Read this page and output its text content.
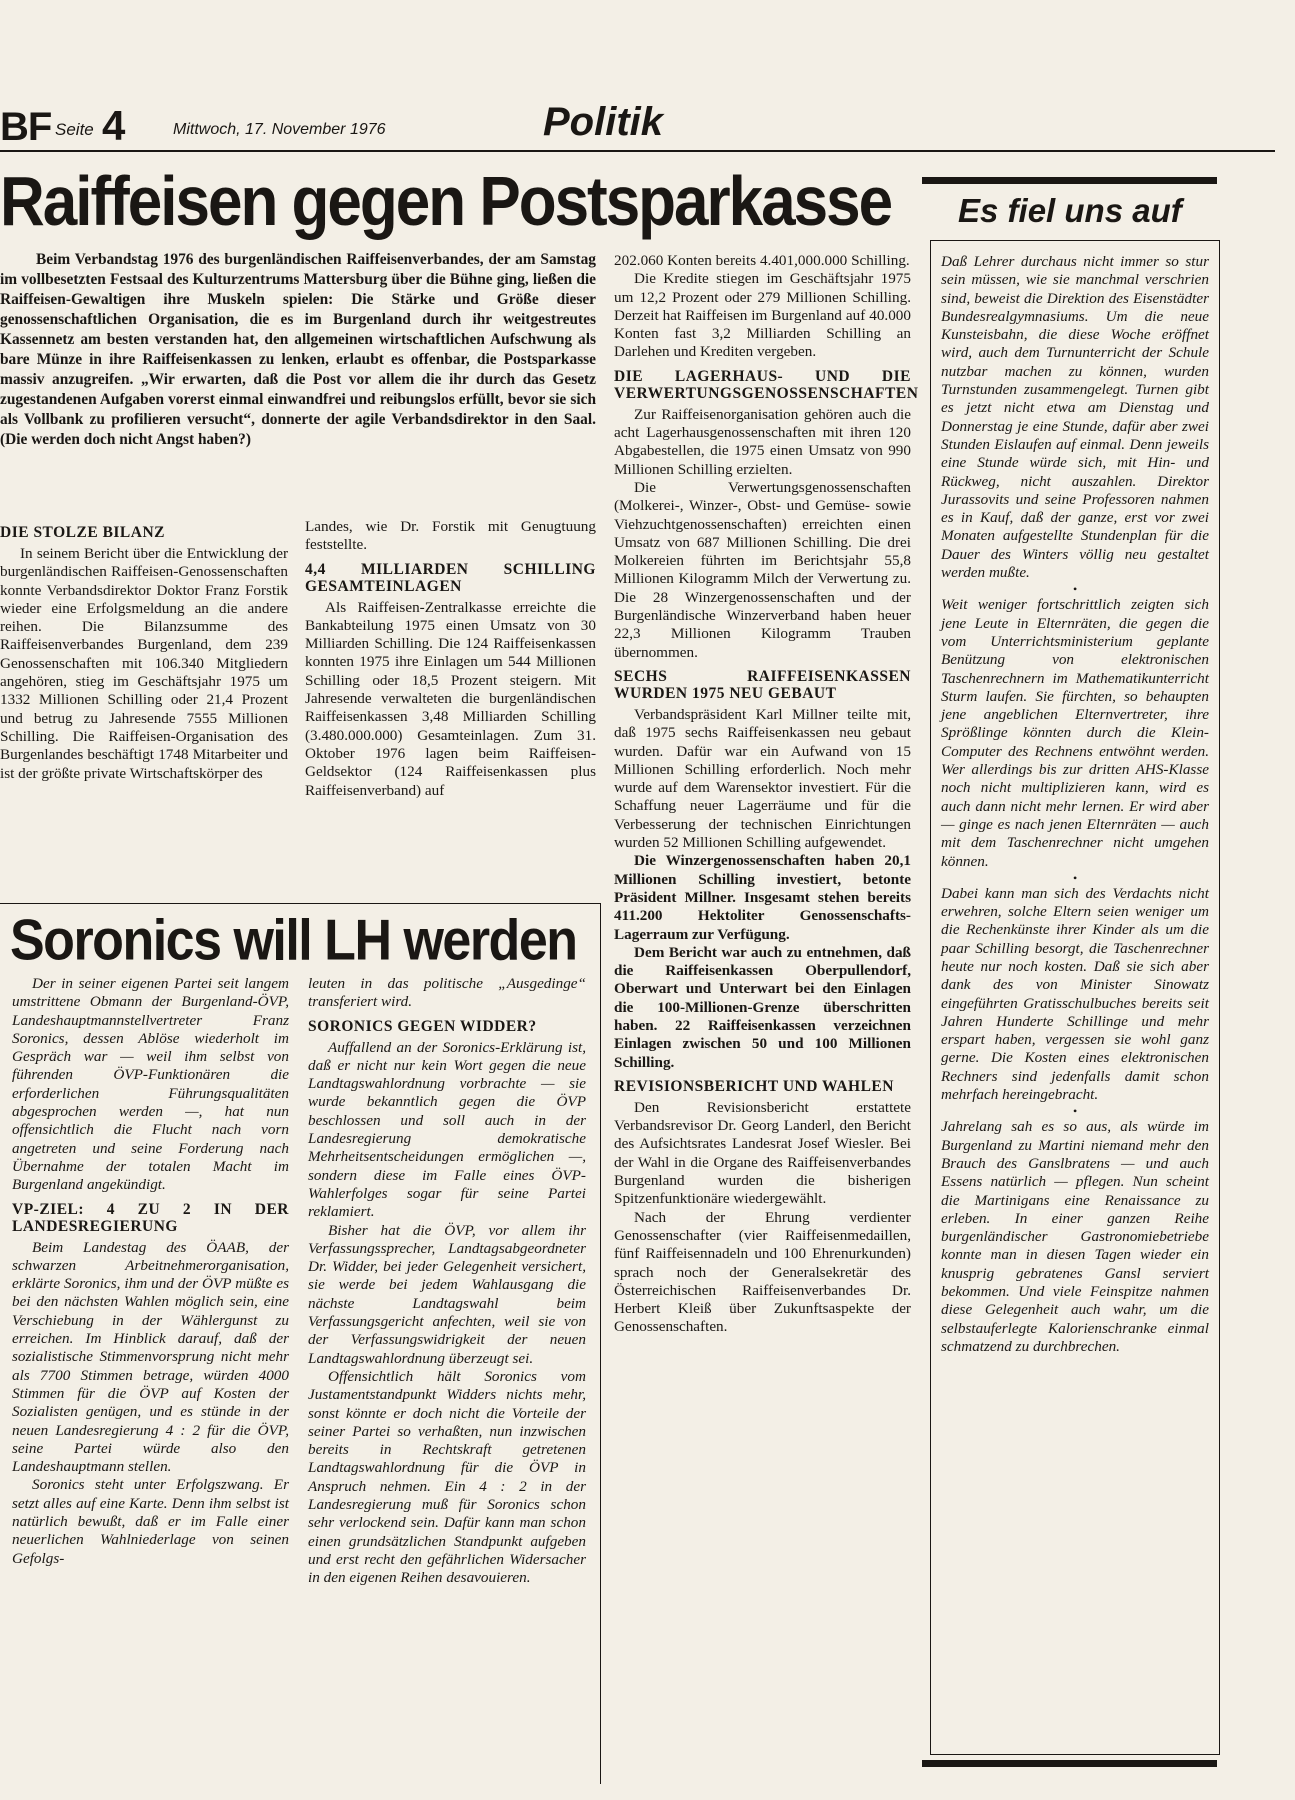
BF Seite 4	Mittwoch, 17. November 1976	Politik
Raiffeisen gegen Postsparkasse

Beim Verbandstag 1976 des burgenländischen Raiffeisenverbandes, der am Samstag im vollbesetzten Festsaal des Kulturzentrums Mattersburg über die Bühne ging, ließen die Raiffeisen-Gewaltigen ihre Muskeln spielen: Die Stärke und Größe dieser genossenschaftlichen Organisation, die es im Burgenland durch ihr weitgestreutes Kassennetz am besten verstanden hat, den allgemeinen wirtschaftlichen Aufschwung als bare Münze in ihre Raiffeisenkassen zu lenken, erlaubt es offenbar, die Postsparkasse massiv anzugreifen. „Wir erwarten, daß die Post vor allem die ihr durch das Gesetz zugestandenen Aufgaben vorerst einmal einwandfrei und reibungslos erfüllt, bevor sie sich als Vollbank zu profilieren versucht“, donnerte der agile Verbandsdirektor in den Saal. (Die werden doch nicht Angst haben?)

DIE STOLZE BILANZ

In seinem Bericht über die Entwicklung der burgenländischen Raiffeisen-Genossenschaften konnte Verbandsdirektor Doktor Franz Forstik wieder eine Erfolgsmeldung an die andere reihen. Die Bilanzsumme des Raiffeisenverbandes Burgenland, dem 239 Genossenschaften mit 106.340 Mitgliedern angehören, stieg im Geschäftsjahr 1975 um 1332 Millionen Schilling oder 21,4 Prozent und betrug zu Jahresende 7555 Millionen Schilling. Die Raiffeisen-Organisation des Burgenlandes beschäftigt 1748 Mitarbeiter und ist der größte private Wirtschaftskörper des

Landes, wie Dr. Forstik mit Genugtuung feststellte.

4,4 MILLIARDEN SCHILLING GESAMTEINLAGEN

Als Raiffeisen-Zentralkasse erreichte die Bankabteilung 1975 einen Umsatz von 30 Milliarden Schilling. Die 124 Raiffeisenkassen konnten 1975 ihre Einlagen um 544 Millionen Schilling oder 18,5 Prozent steigern. Mit Jahresende verwalteten die burgenländischen Raiffeisenkassen 3,48 Milliarden Schilling (3.480.000.000) Gesamteinlagen. Zum 31. Oktober 1976 lagen beim Raiffeisen-Geldsektor (124 Raiffeisenkassen plus Raiffeisenverband) auf

202.060 Konten bereits 4.401,000.000 Schilling.

Die Kredite stiegen im Geschäftsjahr 1975 um 12,2 Prozent oder 279 Millionen Schilling. Derzeit hat Raiffeisen im Burgenland auf 40.000 Konten fast 3,2 Milliarden Schilling an Darlehen und Krediten vergeben.

DIE LAGERHAUS- UND DIE VERWERTUNGSGENOSSENSCHAFTEN

Zur Raiffeisenorganisation gehören auch die acht Lagerhausgenossenschaften mit ihren 120 Abgabestellen, die 1975 einen Umsatz von 990 Millionen Schilling erzielten.

Die Verwertungsgenossenschaften (Molkerei-, Winzer-, Obst- und Gemüse- sowie Viehzuchtgenossenschaften) erreichten einen Umsatz von 687 Millionen Schilling. Die drei Molkereien führten im Berichtsjahr 55,8 Millionen Kilogramm Milch der Verwertung zu. Die 28 Winzergenossenschaften und der Burgenländische Winzerverband haben heuer 22,3 Millionen Kilogramm Trauben übernommen.

SECHS RAIFFEISENKASSEN WURDEN 1975 NEU GEBAUT

Verbandspräsident Karl Millner teilte mit, daß 1975 sechs Raiffeisenkassen neu gebaut wurden. Dafür war ein Aufwand von 15 Millionen Schilling erforderlich. Noch mehr wurde auf dem Warensektor investiert. Für die Schaffung neuer Lagerräume und für die Verbesserung der technischen Einrichtungen wurden 52 Millionen Schilling aufgewendet.

Die Winzergenossenschaften haben 20,1 Millionen Schilling investiert, betonte Präsident Millner. Insgesamt stehen bereits 411.200 Hektoliter Genossenschafts-Lagerraum zur Verfügung.

Dem Bericht war auch zu entnehmen, daß die Raiffeisenkassen Oberpullendorf, Oberwart und Unterwart bei den Einlagen die 100-Millionen-Grenze überschritten haben. 22 Raiffeisenkassen verzeichnen Einlagen zwischen 50 und 100 Millionen Schilling.

REVISIONSBERICHT UND WAHLEN

Den Revisionsbericht erstattete Verbandsrevisor Dr. Georg Landerl, den Bericht des Aufsichtsrates Landesrat Josef Wiesler. Bei der Wahl in die Organe des Raiffeisenverbandes Burgenland wurden die bisherigen Spitzenfunktionäre wiedergewählt.

Nach der Ehrung verdienter Genossenschafter (vier Raiffeisenmedaillen, fünf Raiffeisennadeln und 100 Ehrenurkunden) sprach noch der Generalsekretär des Österreichischen Raiffeisenverbandes Dr. Herbert Kleiß über Zukunftsaspekte der Genossenschaften.

Soronics will LH werden

Der in seiner eigenen Partei seit langem umstrittene Obmann der Burgenland-ÖVP, Landeshauptmannstellvertreter Franz Soronics, dessen Ablöse wiederholt im Gespräch war — weil ihm selbst von führenden ÖVP-Funktionären die erforderlichen Führungsqualitäten abgesprochen werden —, hat nun offensichtlich die Flucht nach vorn angetreten und seine Forderung nach Übernahme der totalen Macht im Burgenland angekündigt.

VP-ZIEL: 4 ZU 2 IN DER LANDESREGIERUNG

Beim Landestag des ÖAAB, der schwarzen Arbeitnehmerorganisation, erklärte Soronics, ihm und der ÖVP müßte es bei den nächsten Wahlen möglich sein, eine Verschiebung in der Wählergunst zu erreichen. Im Hinblick darauf, daß der sozialistische Stimmenvorsprung nicht mehr als 7700 Stimmen betrage, würden 4000 Stimmen für die ÖVP auf Kosten der Sozialisten genügen, und es stünde in der neuen Landesregierung 4 : 2 für die ÖVP, seine Partei würde also den Landeshauptmann stellen.

Soronics steht unter Erfolgszwang. Er setzt alles auf eine Karte. Denn ihm selbst ist natürlich bewußt, daß er im Falle einer neuerlichen Wahlniederlage von seinen Gefolgs-

leuten in das politische „Ausgedinge“ transferiert wird.

SORONICS GEGEN WIDDER?

Auffallend an der Soronics-Erklärung ist, daß er nicht nur kein Wort gegen die neue Landtagswahlordnung vorbrachte — sie wurde bekanntlich gegen die ÖVP beschlossen und soll auch in der Landesregierung demokratische Mehrheitsentscheidungen ermöglichen —, sondern diese im Falle eines ÖVP-Wahlerfolges sogar für seine Partei reklamiert.

Bisher hat die ÖVP, vor allem ihr Verfassungssprecher, Landtagsabgeordneter Dr. Widder, bei jeder Gelegenheit versichert, sie werde bei jedem Wahlausgang die nächste Landtagswahl beim Verfassungsgericht anfechten, weil sie von der Verfassungswidrigkeit der neuen Landtagswahlordnung überzeugt sei.

Offensichtlich hält Soronics vom Justamentstandpunkt Widders nichts mehr, sonst könnte er doch nicht die Vorteile der seiner Partei so verhaßten, nun inzwischen bereits in Rechtskraft getretenen Landtagswahlordnung für die ÖVP in Anspruch nehmen. Ein 4 : 2 in der Landesregierung muß für Soronics schon sehr verlockend sein. Dafür kann man schon einen grundsätzlichen Standpunkt aufgeben und erst recht den gefährlichen Widersacher in den eigenen Reihen desavouieren.

Es fiel uns auf

Daß Lehrer durchaus nicht immer so stur sein müssen, wie sie manchmal verschrien sind, beweist die Direktion des Eisenstädter Bundesrealgymnasiums. Um die neue Kunsteisbahn, die diese Woche eröffnet wird, auch dem Turnunterricht der Schule nutzbar machen zu können, wurden Turnstunden zusammengelegt. Turnen gibt es jetzt nicht etwa am Dienstag und Donnerstag je eine Stunde, dafür aber zwei Stunden Eislaufen auf einmal. Denn jeweils eine Stunde würde sich, mit Hin- und Rückweg, nicht auszahlen. Direktor Jurassovits und seine Professoren nahmen es in Kauf, daß der ganze, erst vor zwei Monaten aufgestellte Stundenplan für die Dauer des Winters völlig neu gestaltet werden mußte.

•

Weit weniger fortschrittlich zeigten sich jene Leute in Elternräten, die gegen die vom Unterrichtsministerium geplante Benützung von elektronischen Taschenrechnern im Mathematikunterricht Sturm laufen. Sie fürchten, so behaupten jene angeblichen Elternvertreter, ihre Sprößlinge könnten durch die Klein-Computer des Rechnens entwöhnt werden. Wer allerdings bis zur dritten AHS-Klasse noch nicht multiplizieren kann, wird es auch dann nicht mehr lernen. Er wird aber — ginge es nach jenen Elternräten — auch mit dem Taschenrechner nicht umgehen können.

•

Dabei kann man sich des Verdachts nicht erwehren, solche Eltern seien weniger um die Rechenkünste ihrer Kinder als um die paar Schilling besorgt, die Taschenrechner heute nur noch kosten. Daß sie sich aber dank des von Minister Sinowatz eingeführten Gratisschulbuches bereits seit Jahren Hunderte Schillinge und mehr erspart haben, vergessen sie wohl ganz gerne. Die Kosten eines elektronischen Rechners sind jedenfalls damit schon mehrfach hereingebracht.

•

Jahrelang sah es so aus, als würde im Burgenland zu Martini niemand mehr den Brauch des Ganslbratens — und auch Essens natürlich — pflegen. Nun scheint die Martinigans eine Renaissance zu erleben. In einer ganzen Reihe burgenländischer Gastronomiebetriebe konnte man in diesen Tagen wieder ein knusprig gebratenes Gansl serviert bekommen. Und viele Feinspitze nahmen diese Gelegenheit auch wahr, um die selbstauferlegte Kalorienschranke einmal schmatzend zu durchbrechen.
